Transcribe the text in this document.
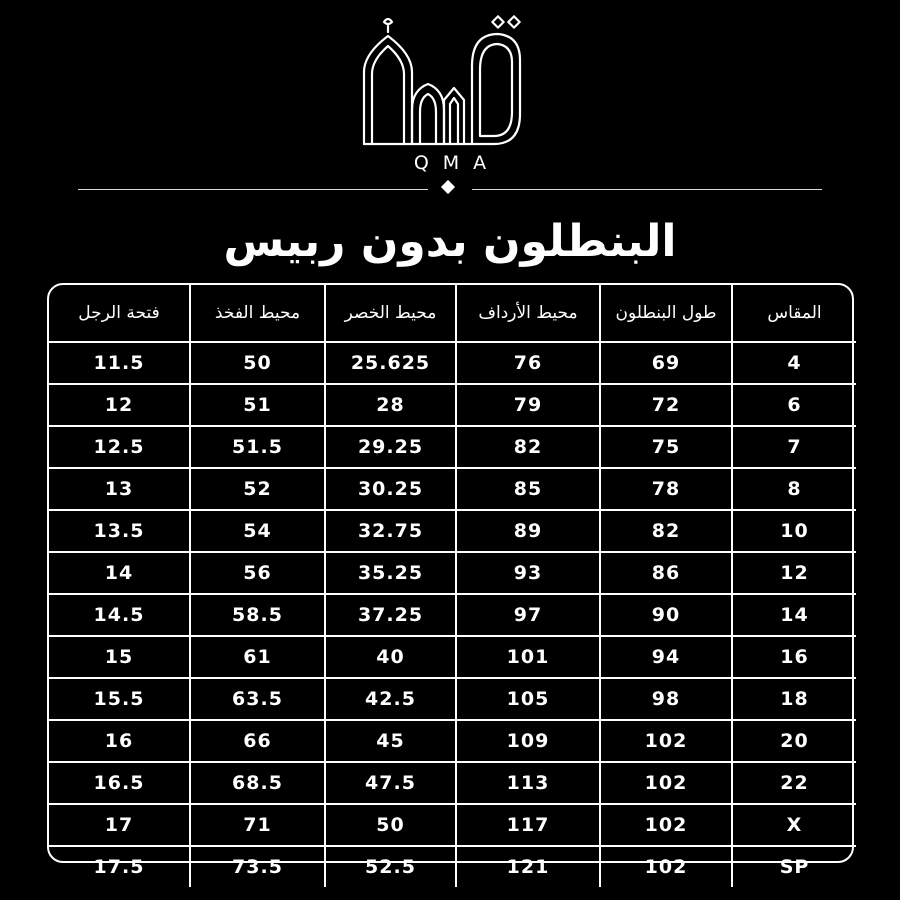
QMA
البنطلون بدون ربيس
المقاس	طول البنطلون	محيط الأرداف	محيط الخصر	محيط الفخذ	فتحة الرجل
4	69	76	25.625	50	11.5
6	72	79	28	51	12
7	75	82	29.25	51.5	12.5
8	78	85	30.25	52	13
10	82	89	32.75	54	13.5
12	86	93	35.25	56	14
14	90	97	37.25	58.5	14.5
16	94	101	40	61	15
18	98	105	42.5	63.5	15.5
20	102	109	45	66	16
22	102	113	47.5	68.5	16.5
X	102	117	50	71	17
SP	102	121	52.5	73.5	17.5
